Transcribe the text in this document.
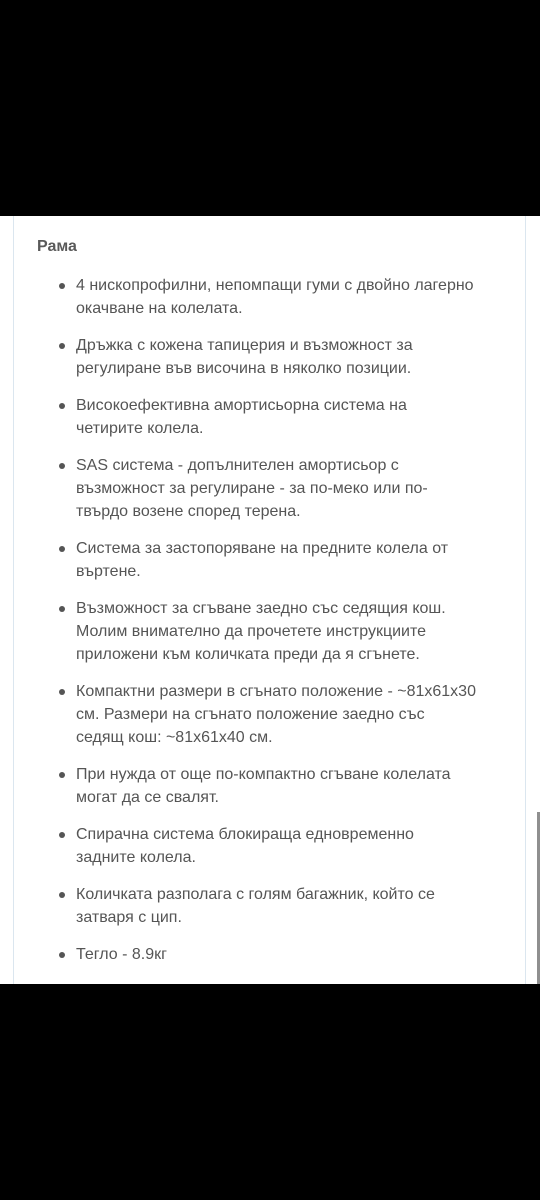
Рама
4 нископрофилни, непомпащи гуми с двойно лагерно окачване на колелата.
Дръжка с кожена тапицерия и възможност за регулиране във височина в няколко позиции.
Високоефективна амортисьорна система на четирите колела.
SAS система - допълнителен амортисьор с възможност за регулиране - за по-меко или по-твърдо возене според терена.
Система за застопоряване на предните колела от въртене.
Възможност за сгъване заедно със седящия кош. Молим внимателно да прочетете инструкциите приложени към количката преди да я сгънете.
Компактни размери в сгънато положение - ~81x61x30 см. Размери на сгънато положение заедно със седящ кош: ~81x61x40 см.
При нужда от още по-компактно сгъване колелата могат да се свалят.
Спирачна система блокираща едновременно задните колела.
Количката разполага с голям багажник, който се затваря с цип.
Тегло - 8.9кг
